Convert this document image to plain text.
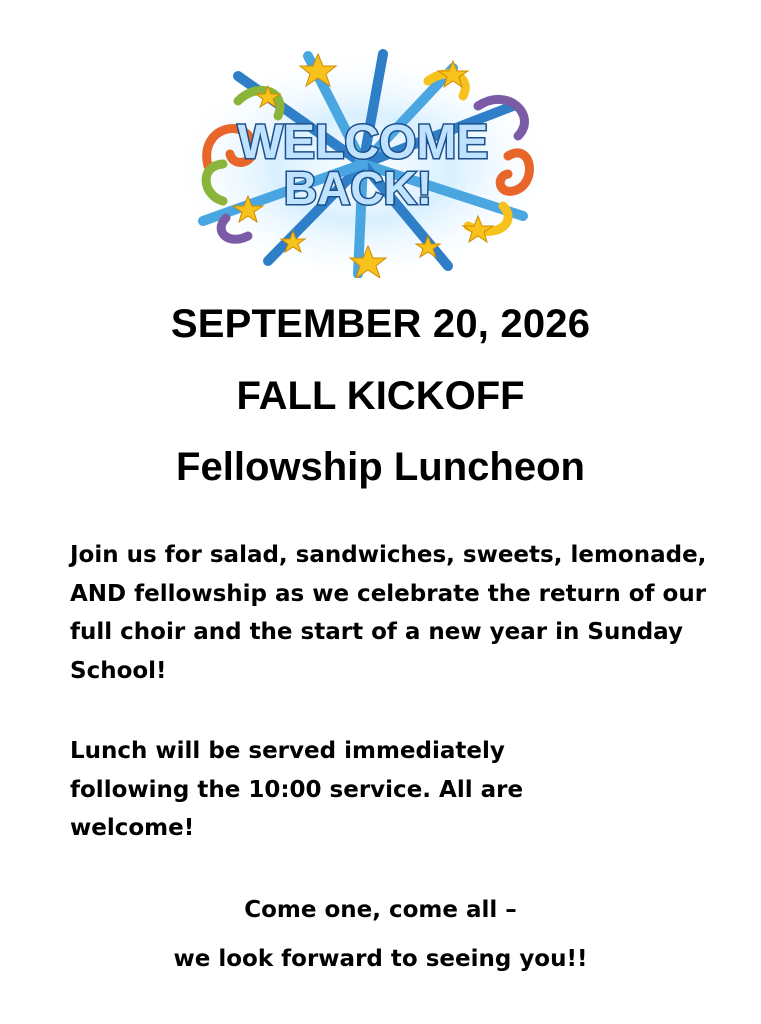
WELCOME
BACK!
SEPTEMBER 20, 2026
FALL KICKOFF
Fellowship Luncheon

Join us for salad, sandwiches, sweets, lemonade, AND fellowship as we celebrate the return of our full choir and the start of a new year in Sunday School!

Lunch will be served immediately following the 10:00 service. All are welcome!

Come one, come all –
we look forward to seeing you!!
